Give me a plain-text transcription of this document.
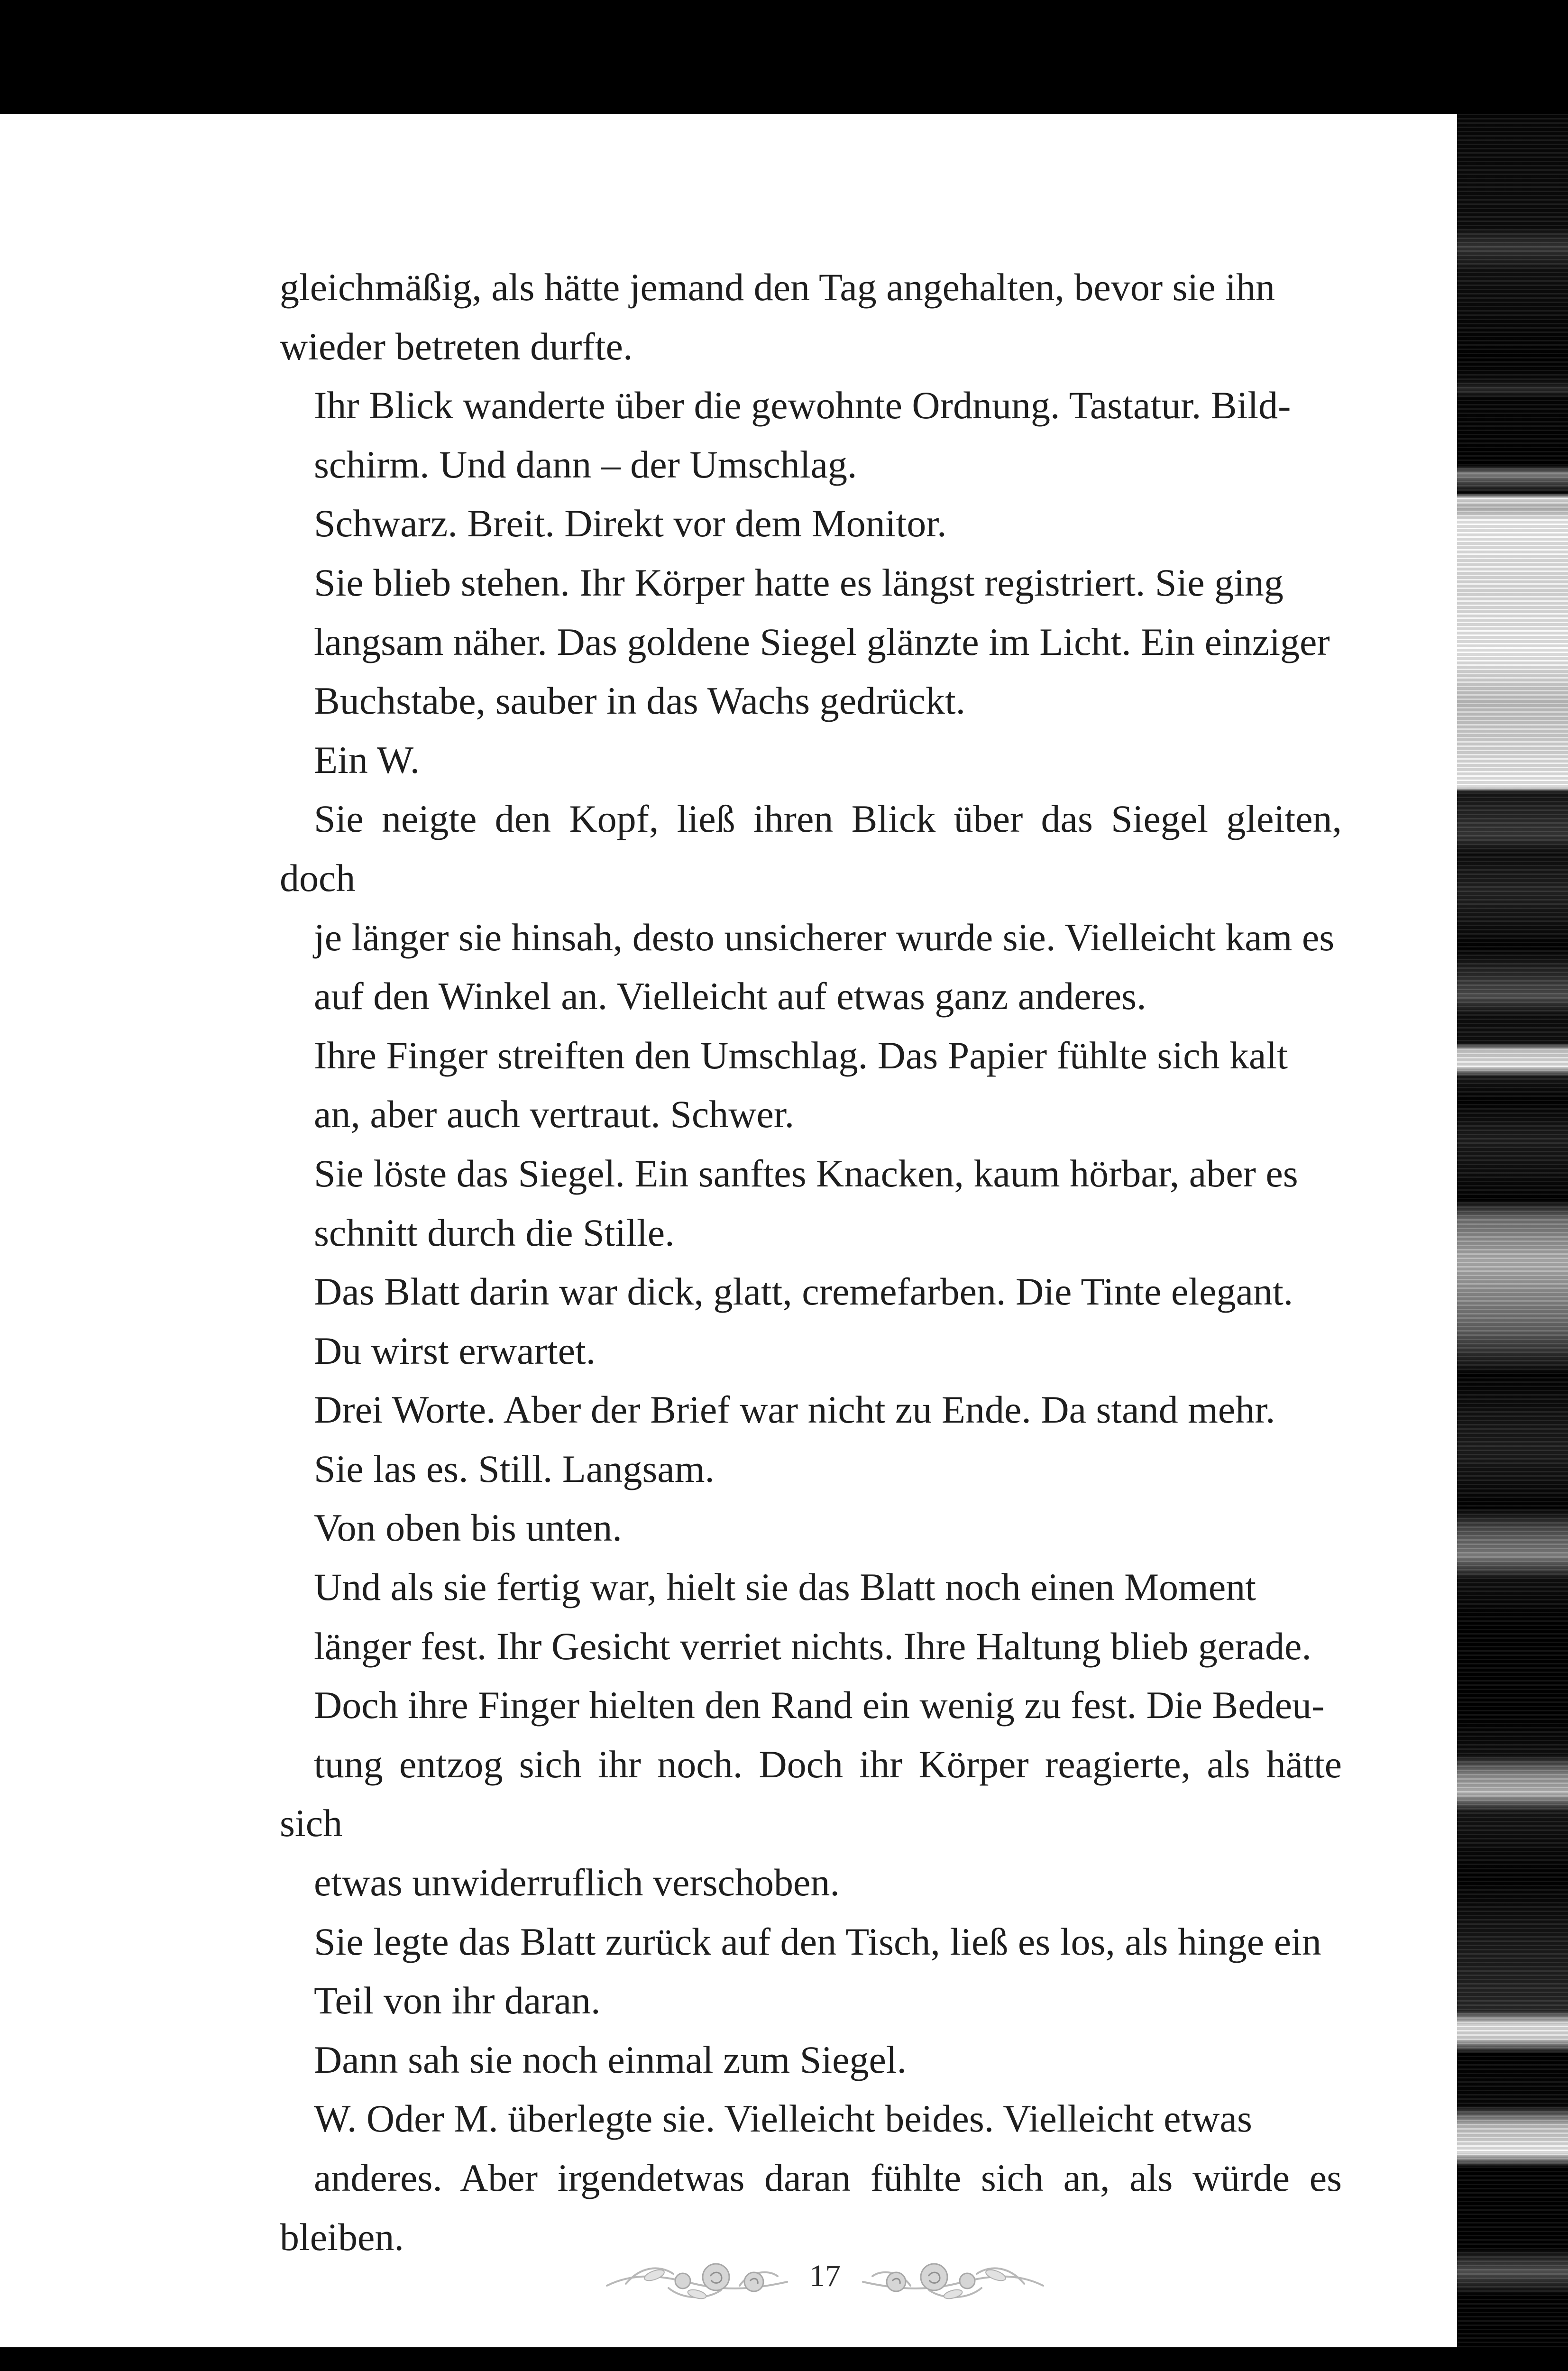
gleichmäßig, als hätte jemand den Tag angehalten, bevor sie ihn
wieder betreten durfte.

Ihr Blick wanderte über die gewohnte Ordnung. Tastatur. Bild-
schirm. Und dann – der Umschlag.

Schwarz. Breit. Direkt vor dem Monitor.

Sie blieb stehen. Ihr Körper hatte es längst registriert. Sie ging
langsam näher. Das goldene Siegel glänzte im Licht. Ein einziger
Buchstabe, sauber in das Wachs gedrückt.

Ein W.

Sie neigte den Kopf, ließ ihren Blick über das Siegel gleiten, doch
je länger sie hinsah, desto unsicherer wurde sie. Vielleicht kam es
auf den Winkel an. Vielleicht auf etwas ganz anderes.

Ihre Finger streiften den Umschlag. Das Papier fühlte sich kalt
an, aber auch vertraut. Schwer.

Sie löste das Siegel. Ein sanftes Knacken, kaum hörbar, aber es
schnitt durch die Stille.

Das Blatt darin war dick, glatt, cremefarben. Die Tinte elegant.

Du wirst erwartet.

Drei Worte. Aber der Brief war nicht zu Ende. Da stand mehr.

Sie las es. Still. Langsam.

Von oben bis unten.

Und als sie fertig war, hielt sie das Blatt noch einen Moment
länger fest. Ihr Gesicht verriet nichts. Ihre Haltung blieb gerade.
Doch ihre Finger hielten den Rand ein wenig zu fest. Die Bedeu-
tung entzog sich ihr noch. Doch ihr Körper reagierte, als hätte sich
etwas unwiderruflich verschoben.

Sie legte das Blatt zurück auf den Tisch, ließ es los, als hinge ein
Teil von ihr daran.

Dann sah sie noch einmal zum Siegel.

W. Oder M. überlegte sie. Vielleicht beides. Vielleicht etwas
anderes. Aber irgendetwas daran fühlte sich an, als würde es bleiben.

17
